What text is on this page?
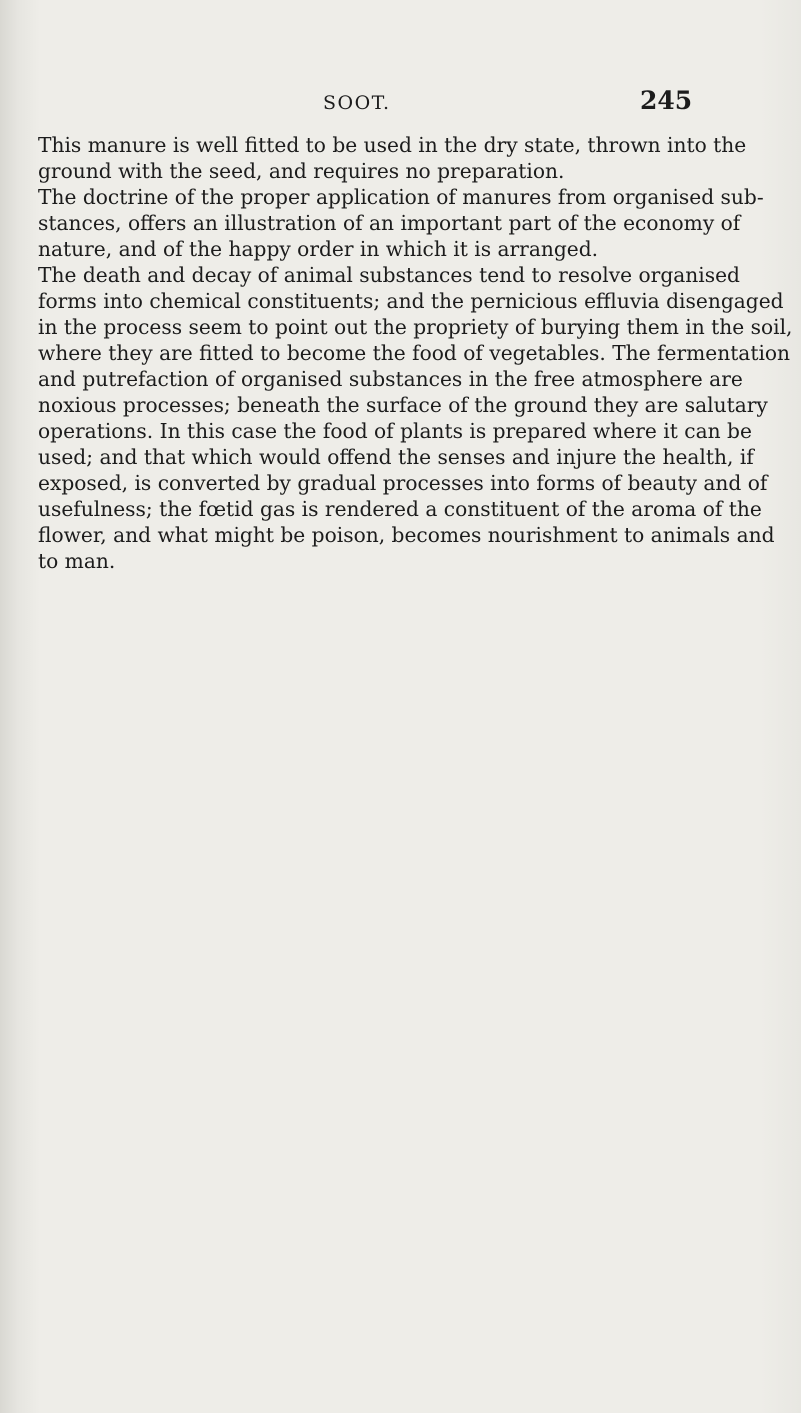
SOOT.	245
This manure is well fitted to be used in the dry state, thrown into the
ground with the seed, and requires no preparation.
The doctrine of the proper application of manures from organised sub-
stances, offers an illustration of an important part of the economy of
nature, and of the happy order in which it is arranged.
The death and decay of animal substances tend to resolve organised
forms into chemical constituents; and the pernicious effluvia disengaged
in the process seem to point out the propriety of burying them in the soil,
where they are fitted to become the food of vegetables. The fermentation
and putrefaction of organised substances in the free atmosphere are
noxious processes; beneath the surface of the ground they are salutary
operations. In this case the food of plants is prepared where it can be
used; and that which would offend the senses and injure the health, if
exposed, is converted by gradual processes into forms of beauty and of
usefulness; the fœtid gas is rendered a constituent of the aroma of the
flower, and what might be poison, becomes nourishment to animals and
to man.
